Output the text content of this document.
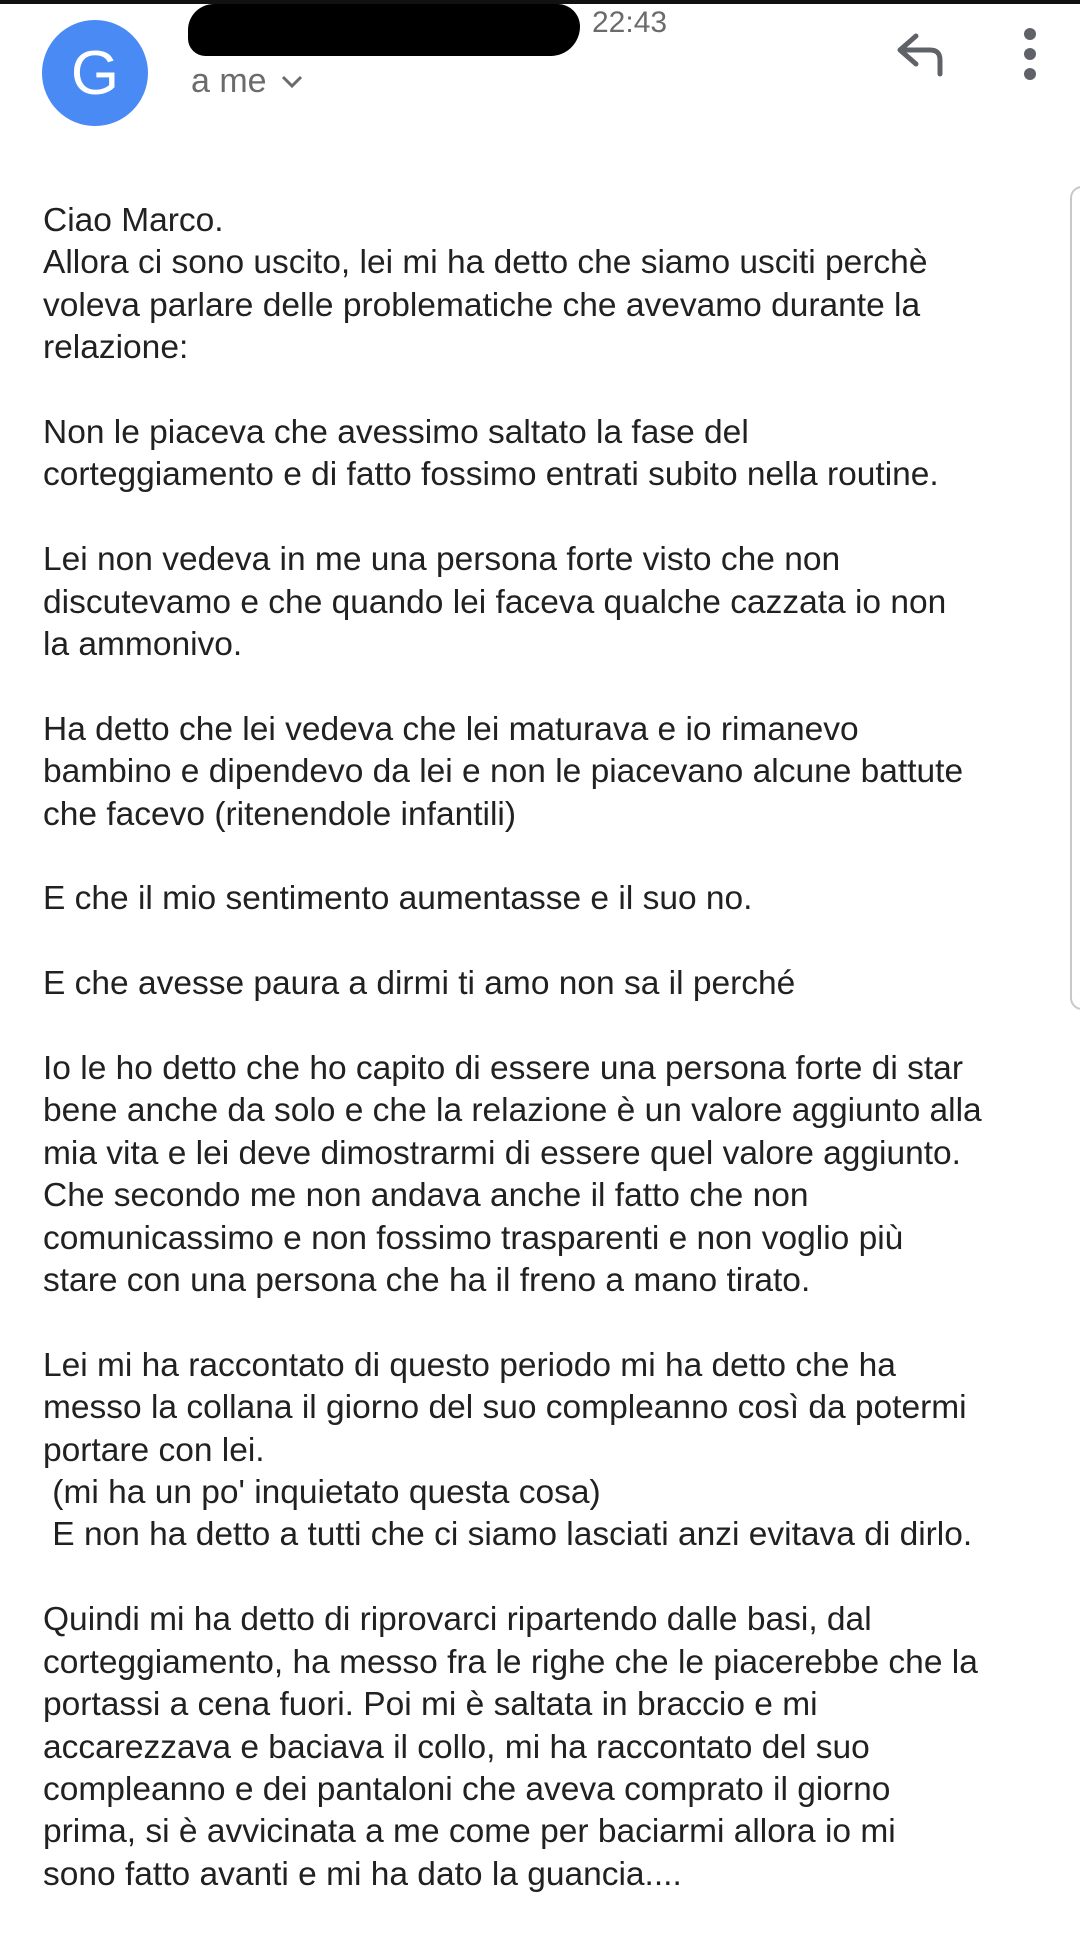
G
22:43
a me
Ciao Marco.
Allora ci sono uscito, lei mi ha detto che siamo usciti perchè
voleva parlare delle problematiche che avevamo durante la
relazione:
Non le piaceva che avessimo saltato la fase del
corteggiamento e di fatto fossimo entrati subito nella routine.
Lei non vedeva in me una persona forte visto che non
discutevamo e che quando lei faceva qualche cazzata io non
la ammonivo.
Ha detto che lei vedeva che lei maturava e io rimanevo
bambino e dipendevo da lei e non le piacevano alcune battute
che facevo (ritenendole infantili)
E che il mio sentimento aumentasse e il suo no.
E che avesse paura a dirmi ti amo non sa il perché
Io le ho detto che ho capito di essere una persona forte di star
bene anche da solo e che la relazione è un valore aggiunto alla
mia vita e lei deve dimostrarmi di essere quel valore aggiunto.
Che secondo me non andava anche il fatto che non
comunicassimo e non fossimo trasparenti e non voglio più
stare con una persona che ha il freno a mano tirato.
Lei mi ha raccontato di questo periodo mi ha detto che ha
messo la collana il giorno del suo compleanno così da potermi
portare con lei.
(mi ha un po' inquietato questa cosa)
E non ha detto a tutti che ci siamo lasciati anzi evitava di dirlo.
Quindi mi ha detto di riprovarci ripartendo dalle basi, dal
corteggiamento, ha messo fra le righe che le piacerebbe che la
portassi a cena fuori. Poi mi è saltata in braccio e mi
accarezzava e baciava il collo, mi ha raccontato del suo
compleanno e dei pantaloni che aveva comprato il giorno
prima, si è avvicinata a me come per baciarmi allora io mi
sono fatto avanti e mi ha dato la guancia....
